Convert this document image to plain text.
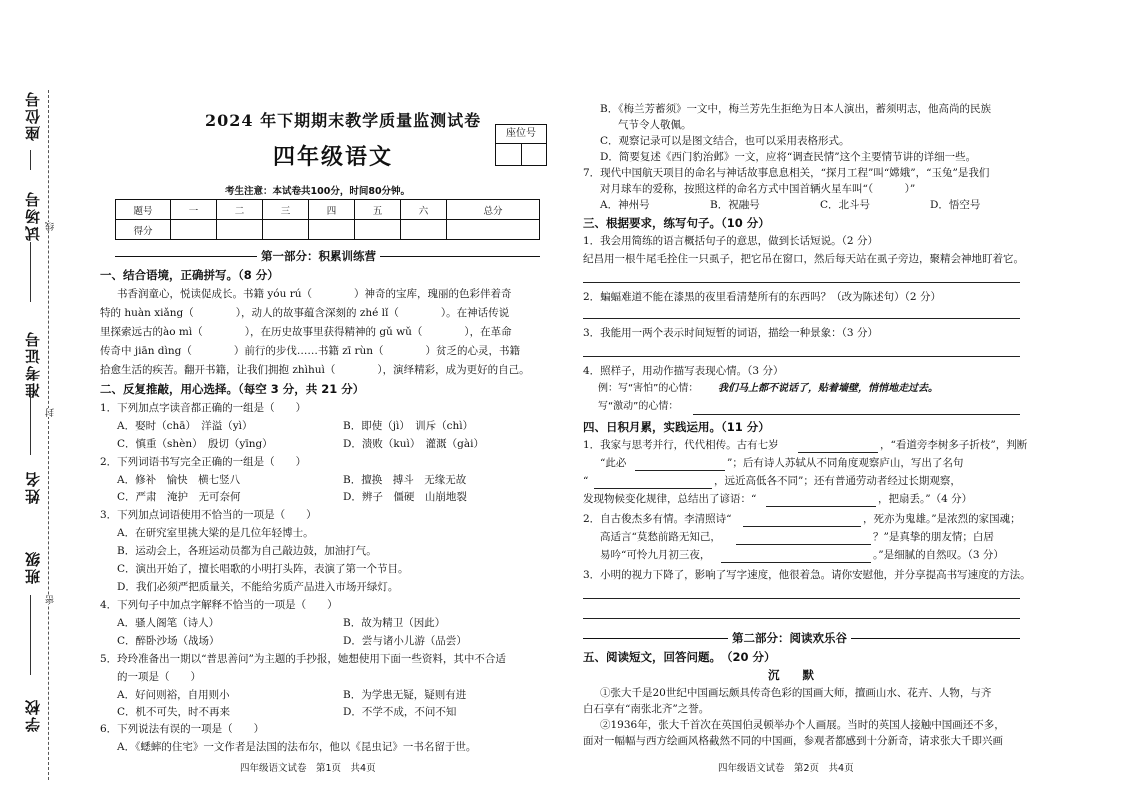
座位号
试场号
准考证号
姓名
班级
学校
密
封
线
2024 年下期期末教学质量监测试卷
四年级语文
座位号
考生注意：本试卷共100分，时间80分钟。
题号	一	二	三	四	五	六	总分
得分							
第一部分：积累训练营
一、结合语境，正确拼写。（8 分）
书香润童心，悦读促成长。书籍 yóu rú（　　　　）神奇的宝库，瑰丽的色彩伴着奇
特的 huàn xiǎng（　　　　），动人的故事蕴含深刻的 zhé lǐ（　　　　）。在神话传说
里探索远古的ào mì（　　　　），在历史故事里获得精神的 gǔ wǔ（　　　　），在革命
传奇中 jiān dìng（　　　　）前行的步伐……书籍 zī rùn（　　　　）贫乏的心灵，书籍
拾愈生活的疾苦。翻开书籍，让我们拥抱 zhìhuì（　　　　），演绎精彩，成为更好的自己。
二、反复推敲，用心选择。（每空 3 分，共 21 分）
1．下列加点字读音都正确的一组是（　　）
A．娶时（chā）　洋溢（yì）	B．即使（jì）　训斥（chì）
C．慎重（shèn）　殷切（yīng）	D．溃败（kuì）　灌溉（gài）
2．下列词语书写完全正确的一组是（　　）
A．修补　愉快　横七竖八	B．擅换　搏斗　无缘无故
C．严肃　淹护　无可奈何	D．辨子　僵硬　山崩地裂
3．下列加点词语使用不恰当的一项是（　　）
A．在研究室里挑大梁的是几位年轻博士。
B．运动会上，各班运动员都为自己敲边鼓，加油打气。
C．演出开始了，擅长唱歌的小明打头阵，表演了第一个节目。
D．我们必须严把质量关，不能给劣质产品进入市场开绿灯。
4．下列句子中加点字解释不恰当的一项是（　　）
A．骚人阁笔（诗人）	B．故为精卫（因此）
C．醉卧沙场（战场）	D．尝与诸小儿游（品尝）
5．玲玲准备出一期以“普思善问”为主题的手抄报，她想使用下面一些资料，其中不合适
的一项是（　　）
A．好问则裕，自用则小	B．为学患无疑，疑则有进
C．机不可失，时不再来	D．不学不成，不问不知
6．下列说法有误的一项是（　　）
A．《蟋蟀的住宅》一文作者是法国的法布尔，他以《昆虫记》一书名留于世。
四年级语文试卷　第1页　共4页
B．《梅兰芳蓄须》一文中，梅兰芳先生拒绝为日本人演出，蓄须明志，他高尚的民族
气节令人敬佩。
C．观察记录可以是图文结合，也可以采用表格形式。
D．简要复述《西门豹治邺》一文，应将“调查民情”这个主要情节讲的详细一些。
7．现代中国航天项目的命名与神话故事息息相关，“探月工程”叫“嫦娥”，“玉兔”是我们
对月球车的爱称，按照这样的命名方式中国首辆火星车叫“（　　　）”
A．神州号	B．祝融号	C．北斗号	D．悟空号
三、根据要求，练写句子。（10 分）
1．我会用简练的语言概括句子的意思，做到长话短说。（2 分）
纪昌用一根牛尾毛拴住一只虱子，把它吊在窗口，然后每天站在虱子旁边，聚精会神地盯着它。
2．蝙蝠难道不能在漆黑的夜里看清楚所有的东西吗？（改为陈述句）（2 分）
3．我能用一两个表示时间短暂的词语，描绘一种景象：（3 分）
4．照样子，用动作描写表现心情。（3 分）
例：写“害怕”的心情： 我们马上都不说话了，贴着墙壁，悄悄地走过去。
写“激动”的心情：
四、日积月累，实践运用。（11 分）
1．我家与思考并行，代代相传。古有七岁	，“看道旁李树多子折枝”，判断
“此必	”；后有诗人苏轼从不同角度观察庐山，写出了名句
“	，远近高低各不同”；还有普通劳动者经过长期观察，
发现物候变化规律，总结出了谚语：“	，把扇丢。”（4 分）
2．自古俊杰多有情。李清照诗“	，死亦为鬼雄。”是浓烈的家国魂；
高适言“莫愁前路无知己，	？”是真挚的朋友情；白居
易吟“可怜九月初三夜，	。”是细腻的自然叹。（3 分）
3．小明的视力下降了，影响了写字速度，他很着急。请你安慰他，并分享提高书写速度的方法。
第二部分：阅读欢乐谷
五、阅读短文，回答问题。　（20 分）
沉　　默
①张大千是20世纪中国画坛颇具传奇色彩的国画大师，擅画山水、花卉、人物，与齐
白石享有“南张北齐”之誉。
②1936年，张大千首次在英国伯灵顿举办个人画展。当时的英国人接触中国画还不多，
面对一幅幅与西方绘画风格截然不同的中国画，参观者都感到十分新奇，请求张大千即兴画
四年级语文试卷　第2页　共4页
